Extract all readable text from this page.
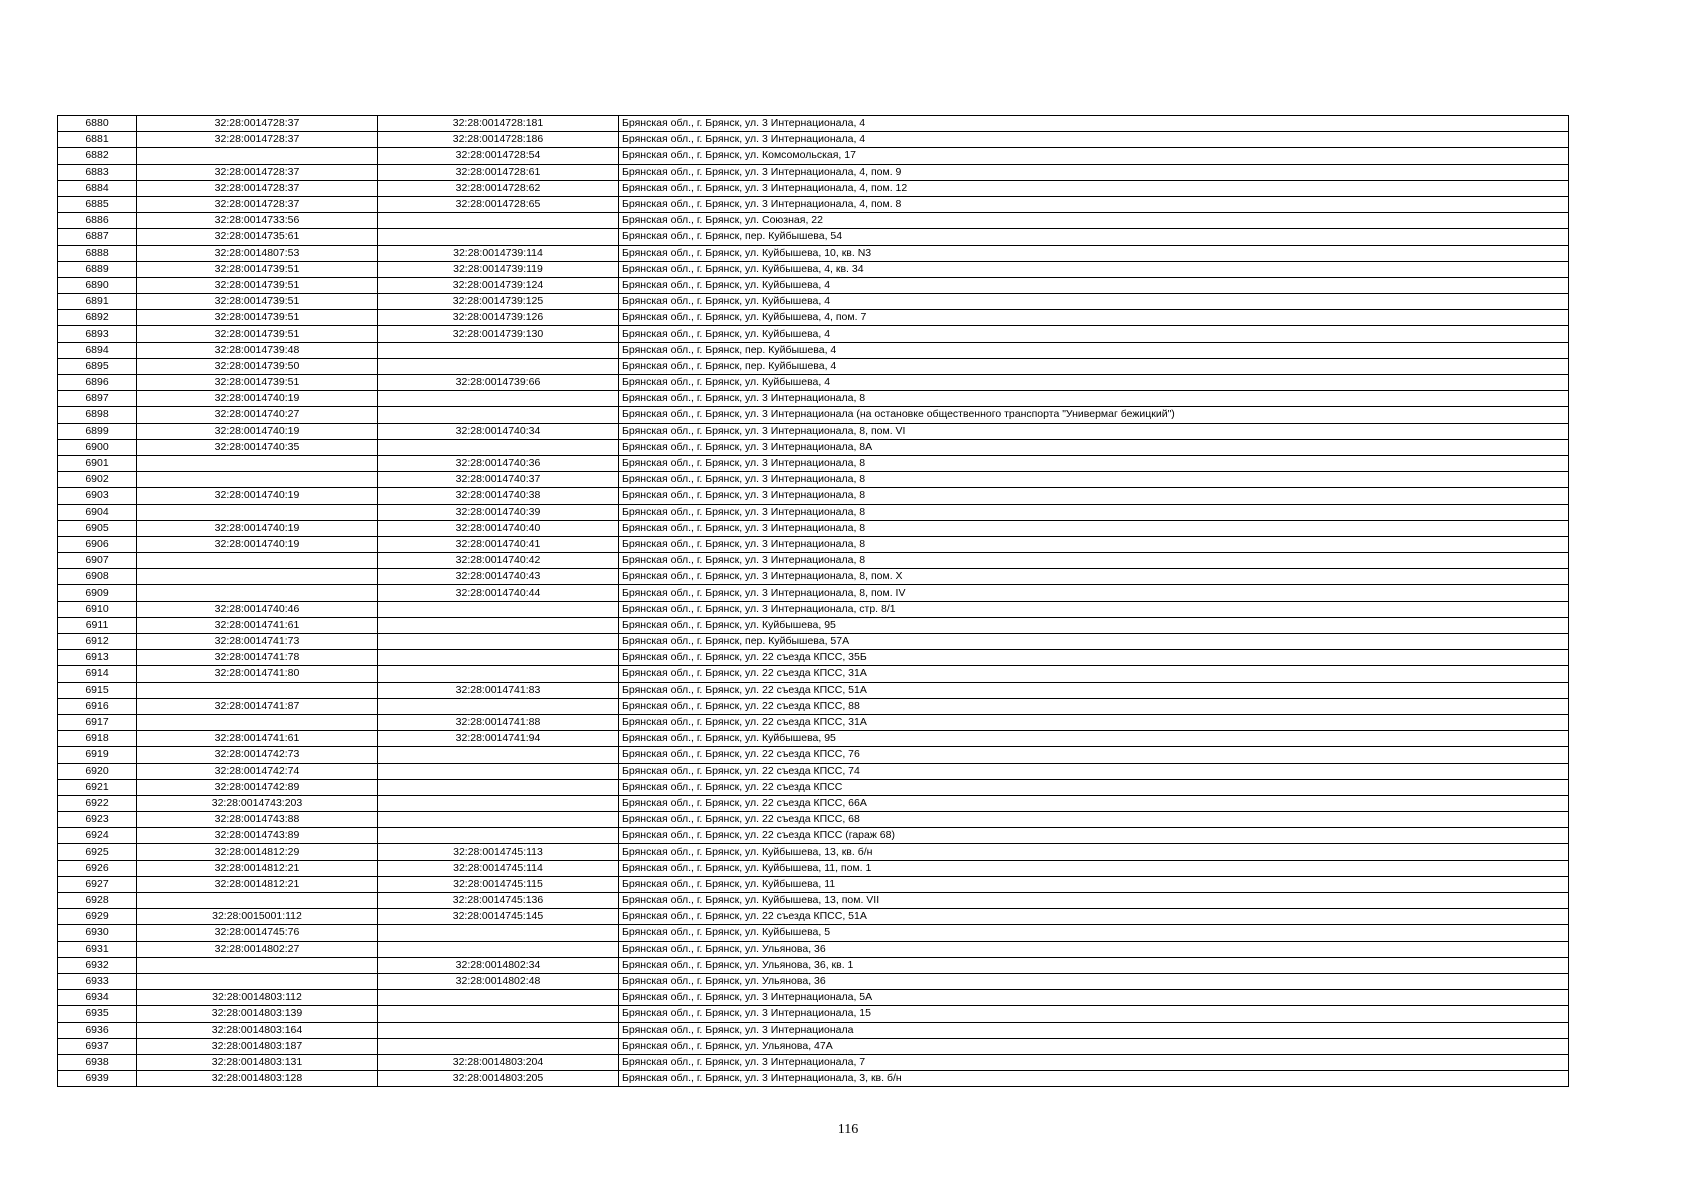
6880	32:28:0014728:37	32:28:0014728:181	Брянская обл., г. Брянск, ул. 3 Интернационала, 4
6881	32:28:0014728:37	32:28:0014728:186	Брянская обл., г. Брянск, ул. 3 Интернационала, 4
6882		32:28:0014728:54	Брянская обл., г. Брянск, ул. Комсомольская, 17
6883	32:28:0014728:37	32:28:0014728:61	Брянская обл., г. Брянск, ул. 3 Интернационала, 4, пом. 9
6884	32:28:0014728:37	32:28:0014728:62	Брянская обл., г. Брянск, ул. 3 Интернационала, 4, пом. 12
6885	32:28:0014728:37	32:28:0014728:65	Брянская обл., г. Брянск, ул. 3 Интернационала, 4, пом. 8
6886	32:28:0014733:56		Брянская обл., г. Брянск, ул. Союзная, 22
6887	32:28:0014735:61		Брянская обл., г. Брянск, пер. Куйбышева, 54
6888	32:28:0014807:53	32:28:0014739:114	Брянская обл., г. Брянск, ул. Куйбышева, 10, кв. N3
6889	32:28:0014739:51	32:28:0014739:119	Брянская обл., г. Брянск, ул. Куйбышева, 4, кв. 34
6890	32:28:0014739:51	32:28:0014739:124	Брянская обл., г. Брянск, ул. Куйбышева, 4
6891	32:28:0014739:51	32:28:0014739:125	Брянская обл., г. Брянск, ул. Куйбышева, 4
6892	32:28:0014739:51	32:28:0014739:126	Брянская обл., г. Брянск, ул. Куйбышева, 4, пом. 7
6893	32:28:0014739:51	32:28:0014739:130	Брянская обл., г. Брянск, ул. Куйбышева, 4
6894	32:28:0014739:48		Брянская обл., г. Брянск, пер. Куйбышева, 4
6895	32:28:0014739:50		Брянская обл., г. Брянск, пер. Куйбышева, 4
6896	32:28:0014739:51	32:28:0014739:66	Брянская обл., г. Брянск, ул. Куйбышева, 4
6897	32:28:0014740:19		Брянская обл., г. Брянск, ул. 3 Интернационала, 8
6898	32:28:0014740:27		Брянская обл., г. Брянск, ул. 3 Интернационала (на остановке общественного транспорта "Универмаг бежицкий")
6899	32:28:0014740:19	32:28:0014740:34	Брянская обл., г. Брянск, ул. 3 Интернационала, 8, пом. VI
6900	32:28:0014740:35		Брянская обл., г. Брянск, ул. 3 Интернационала, 8А
6901		32:28:0014740:36	Брянская обл., г. Брянск, ул. 3 Интернационала, 8
6902		32:28:0014740:37	Брянская обл., г. Брянск, ул. 3 Интернационала, 8
6903	32:28:0014740:19	32:28:0014740:38	Брянская обл., г. Брянск, ул. 3 Интернационала, 8
6904		32:28:0014740:39	Брянская обл., г. Брянск, ул. 3 Интернационала, 8
6905	32:28:0014740:19	32:28:0014740:40	Брянская обл., г. Брянск, ул. 3 Интернационала, 8
6906	32:28:0014740:19	32:28:0014740:41	Брянская обл., г. Брянск, ул. 3 Интернационала, 8
6907		32:28:0014740:42	Брянская обл., г. Брянск, ул. 3 Интернационала, 8
6908		32:28:0014740:43	Брянская обл., г. Брянск, ул. 3 Интернационала, 8, пом. X
6909		32:28:0014740:44	Брянская обл., г. Брянск, ул. 3 Интернационала, 8, пом. IV
6910	32:28:0014740:46		Брянская обл., г. Брянск, ул. 3 Интернационала, стр. 8/1
6911	32:28:0014741:61		Брянская обл., г. Брянск, ул. Куйбышева, 95
6912	32:28:0014741:73		Брянская обл., г. Брянск, пер. Куйбышева, 57А
6913	32:28:0014741:78		Брянская обл., г. Брянск, ул. 22 съезда КПСС, 35Б
6914	32:28:0014741:80		Брянская обл., г. Брянск, ул. 22 съезда КПСС, 31А
6915		32:28:0014741:83	Брянская обл., г. Брянск, ул. 22 съезда КПСС, 51А
6916	32:28:0014741:87		Брянская обл., г. Брянск, ул. 22 съезда КПСС, 88
6917		32:28:0014741:88	Брянская обл., г. Брянск, ул. 22 съезда КПСС, 31А
6918	32:28:0014741:61	32:28:0014741:94	Брянская обл., г. Брянск, ул. Куйбышева, 95
6919	32:28:0014742:73		Брянская обл., г. Брянск, ул. 22 съезда КПСС, 76
6920	32:28:0014742:74		Брянская обл., г. Брянск, ул. 22 съезда КПСС, 74
6921	32:28:0014742:89		Брянская обл., г. Брянск, ул. 22 съезда КПСС
6922	32:28:0014743:203		Брянская обл., г. Брянск, ул. 22 съезда КПСС, 66А
6923	32:28:0014743:88		Брянская обл., г. Брянск, ул. 22 съезда КПСС, 68
6924	32:28:0014743:89		Брянская обл., г. Брянск, ул. 22 съезда КПСС (гараж 68)
6925	32:28:0014812:29	32:28:0014745:113	Брянская обл., г. Брянск, ул. Куйбышева, 13, кв. б/н
6926	32:28:0014812:21	32:28:0014745:114	Брянская обл., г. Брянск, ул. Куйбышева, 11, пом. 1
6927	32:28:0014812:21	32:28:0014745:115	Брянская обл., г. Брянск, ул. Куйбышева, 11
6928		32:28:0014745:136	Брянская обл., г. Брянск, ул. Куйбышева, 13, пом. VII
6929	32:28:0015001:112	32:28:0014745:145	Брянская обл., г. Брянск, ул. 22 съезда КПСС, 51А
6930	32:28:0014745:76		Брянская обл., г. Брянск, ул. Куйбышева, 5
6931	32:28:0014802:27		Брянская обл., г. Брянск, ул. Ульянова, 36
6932		32:28:0014802:34	Брянская обл., г. Брянск, ул. Ульянова, 36, кв. 1
6933		32:28:0014802:48	Брянская обл., г. Брянск, ул. Ульянова, 36
6934	32:28:0014803:112		Брянская обл., г. Брянск, ул. 3 Интернационала, 5А
6935	32:28:0014803:139		Брянская обл., г. Брянск, ул. 3 Интернационала, 15
6936	32:28:0014803:164		Брянская обл., г. Брянск, ул. 3 Интернационала
6937	32:28:0014803:187		Брянская обл., г. Брянск, ул. Ульянова, 47А
6938	32:28:0014803:131	32:28:0014803:204	Брянская обл., г. Брянск, ул. 3 Интернационала, 7
6939	32:28:0014803:128	32:28:0014803:205	Брянская обл., г. Брянск, ул. 3 Интернационала, 3, кв. б/н
116
